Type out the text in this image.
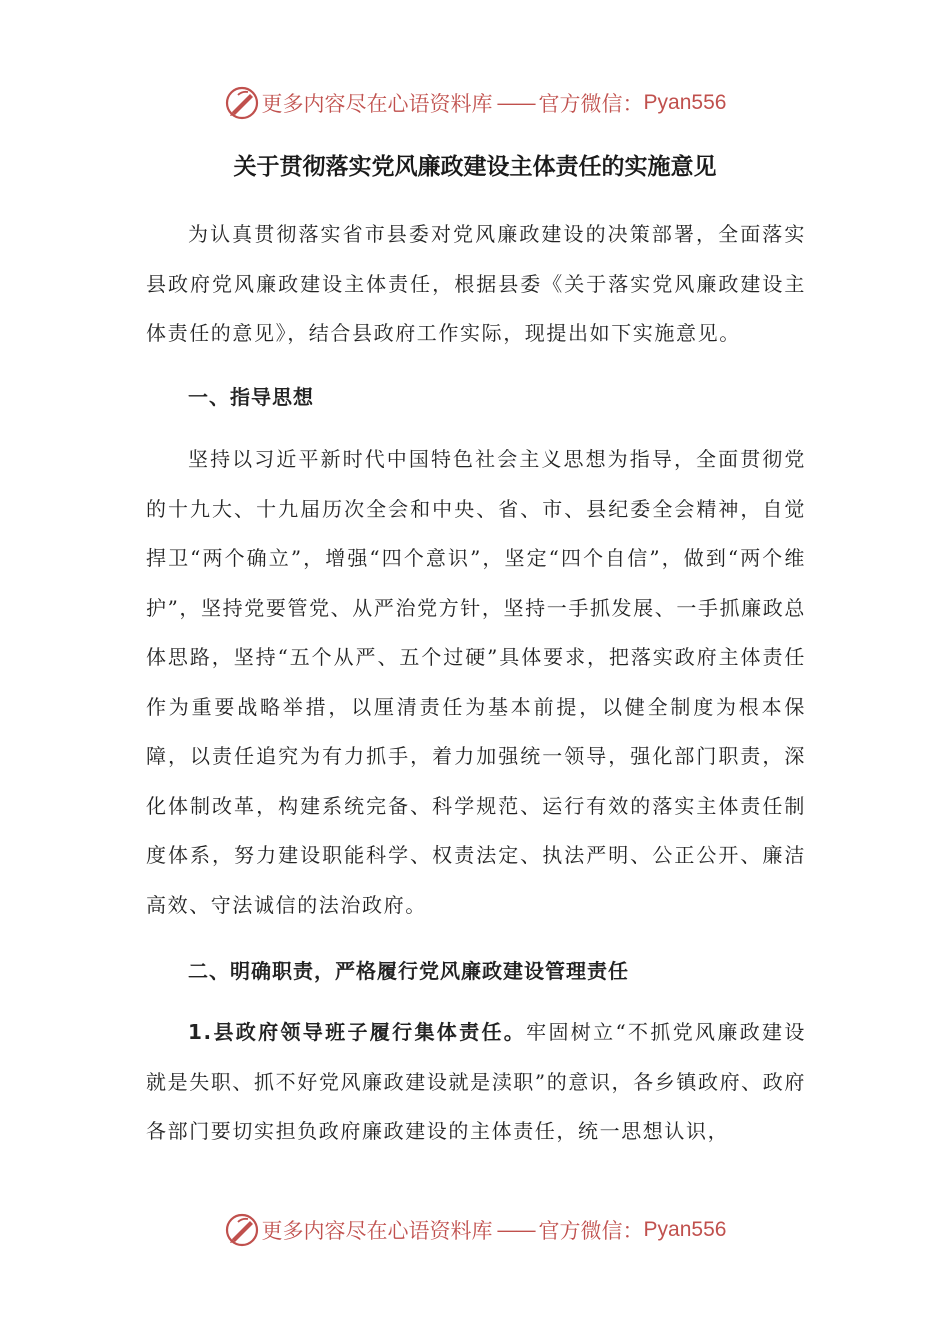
更多内容尽在心语资料库 —— 官方微信： Pyan556
关于贯彻落实党风廉政建设主体责任的实施意见

为认真贯彻落实省市县委对党风廉政建设的决策部署，全面落实县政府党风廉政建设主体责任，根据县委《关于落实党风廉政建设主体责任的意见》，结合县政府工作实际，现提出如下实施意见。

一、指导思想

坚持以习近平新时代中国特色社会主义思想为指导，全面贯彻党的十九大、十九届历次全会和中央、省、市、县纪委全会精神，自觉捍卫“两个确立”，增强“四个意识”，坚定“四个自信”，做到“两个维护”，坚持党要管党、从严治党方针，坚持一手抓发展、一手抓廉政总体思路，坚持“五个从严、五个过硬”具体要求，把落实政府主体责任作为重要战略举措，以厘清责任为基本前提，以健全制度为根本保障，以责任追究为有力抓手，着力加强统一领导，强化部门职责，深化体制改革，构建系统完备、科学规范、运行有效的落实主体责任制度体系，努力建设职能科学、权责法定、执法严明、公正公开、廉洁高效、守法诚信的法治政府。

二、明确职责，严格履行党风廉政建设管理责任

1.县政府领导班子履行集体责任。牢固树立“不抓党风廉政建设就是失职、抓不好党风廉政建设就是渎职”的意识，各乡镇政府、政府各部门要切实担负政府廉政建设的主体责任，统一思想认识，

更多内容尽在心语资料库 —— 官方微信： Pyan556
